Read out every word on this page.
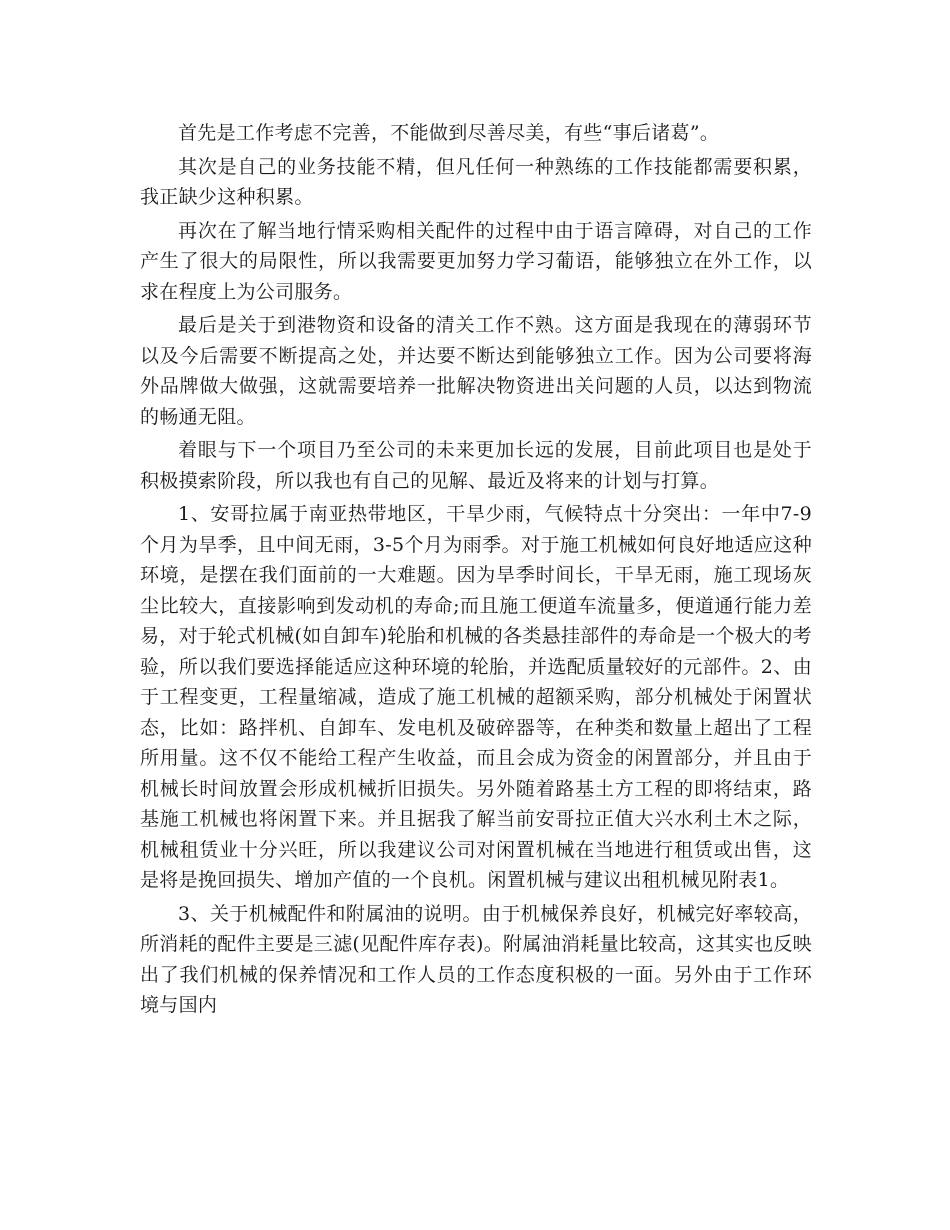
首先是工作考虑不完善，不能做到尽善尽美，有些“事后诸葛”。

其次是自己的业务技能不精，但凡任何一种熟练的工作技能都需要积累，我正缺少这种积累。

再次在了解当地行情采购相关配件的过程中由于语言障碍，对自己的工作产生了很大的局限性，所以我需要更加努力学习葡语，能够独立在外工作，以求在程度上为公司服务。

最后是关于到港物资和设备的清关工作不熟。这方面是我现在的薄弱环节以及今后需要不断提高之处，并达要不断达到能够独立工作。因为公司要将海外品牌做大做强，这就需要培养一批解决物资进出关问题的人员，以达到物流的畅通无阻。

着眼与下一个项目乃至公司的未来更加长远的发展，目前此项目也是处于积极摸索阶段，所以我也有自己的见解、最近及将来的计划与打算。

1、安哥拉属于南亚热带地区，干旱少雨，气候特点十分突出：一年中7-9个月为旱季，且中间无雨，3-5个月为雨季。对于施工机械如何良好地适应这种环境，是摆在我们面前的一大难题。因为旱季时间长，干旱无雨，施工现场灰尘比较大，直接影响到发动机的寿命;而且施工便道车流量多，便道通行能力差易，对于轮式机械(如自卸车)轮胎和机械的各类悬挂部件的寿命是一个极大的考验，所以我们要选择能适应这种环境的轮胎，并选配质量较好的元部件。2、由于工程变更，工程量缩减，造成了施工机械的超额采购，部分机械处于闲置状态，比如：路拌机、自卸车、发电机及破碎器等，在种类和数量上超出了工程所用量。这不仅不能给工程产生收益，而且会成为资金的闲置部分，并且由于机械长时间放置会形成机械折旧损失。另外随着路基土方工程的即将结束，路基施工机械也将闲置下来。并且据我了解当前安哥拉正值大兴水利土木之际，机械租赁业十分兴旺，所以我建议公司对闲置机械在当地进行租赁或出售，这是将是挽回损失、增加产值的一个良机。闲置机械与建议出租机械见附表1。

3、关于机械配件和附属油的说明。由于机械保养良好，机械完好率较高，所消耗的配件主要是三滤(见配件库存表)。附属油消耗量比较高，这其实也反映出了我们机械的保养情况和工作人员的工作态度积极的一面。另外由于工作环境与国内
